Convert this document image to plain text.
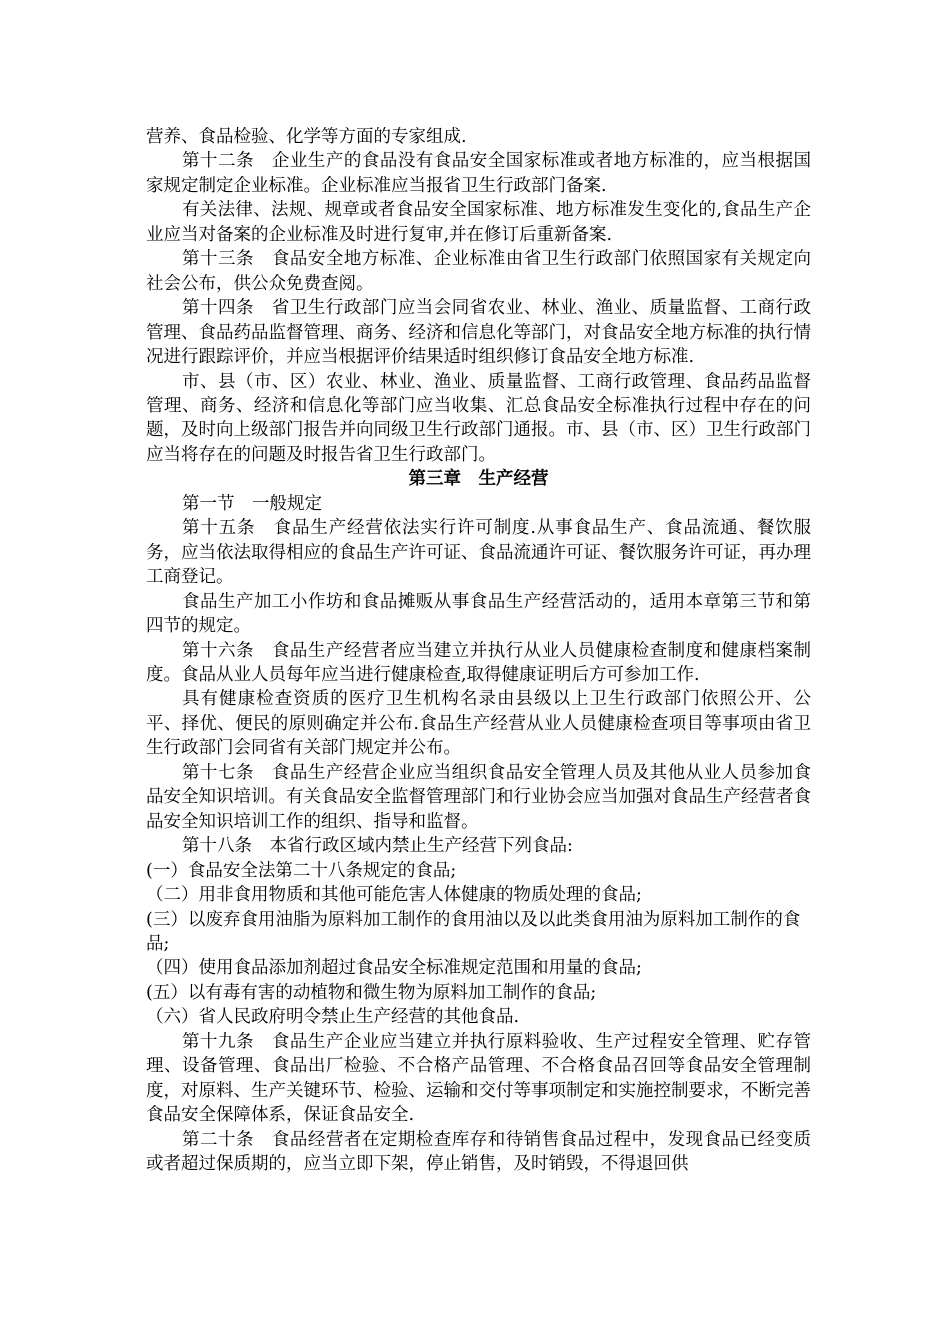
营养、食品检验、化学等方面的专家组成.

第十二条　企业生产的食品没有食品安全国家标准或者地方标准的，应当根据国家规定制定企业标准。企业标准应当报省卫生行政部门备案.

有关法律、法规、规章或者食品安全国家标准、地方标准发生变化的,食品生产企业应当对备案的企业标准及时进行复审,并在修订后重新备案.

第十三条　食品安全地方标准、企业标准由省卫生行政部门依照国家有关规定向社会公布，供公众免费查阅。

第十四条　省卫生行政部门应当会同省农业、林业、渔业、质量监督、工商行政管理、食品药品监督管理、商务、经济和信息化等部门，对食品安全地方标准的执行情况进行跟踪评价，并应当根据评价结果适时组织修订食品安全地方标准.

市、县（市、区）农业、林业、渔业、质量监督、工商行政管理、食品药品监督管理、商务、经济和信息化等部门应当收集、汇总食品安全标准执行过程中存在的问题，及时向上级部门报告并向同级卫生行政部门通报。市、县（市、区）卫生行政部门应当将存在的问题及时报告省卫生行政部门。

第三章　生产经营

第一节　一般规定

第十五条　食品生产经营依法实行许可制度.从事食品生产、食品流通、餐饮服务，应当依法取得相应的食品生产许可证、食品流通许可证、餐饮服务许可证，再办理工商登记。

食品生产加工小作坊和食品摊贩从事食品生产经营活动的，适用本章第三节和第四节的规定。

第十六条　食品生产经营者应当建立并执行从业人员健康检查制度和健康档案制度。食品从业人员每年应当进行健康检查,取得健康证明后方可参加工作.

具有健康检查资质的医疗卫生机构名录由县级以上卫生行政部门依照公开、公平、择优、便民的原则确定并公布.食品生产经营从业人员健康检查项目等事项由省卫生行政部门会同省有关部门规定并公布。

第十七条　食品生产经营企业应当组织食品安全管理人员及其他从业人员参加食品安全知识培训。有关食品安全监督管理部门和行业协会应当加强对食品生产经营者食品安全知识培训工作的组织、指导和监督。

第十八条　本省行政区域内禁止生产经营下列食品:

(一）食品安全法第二十八条规定的食品;

（二）用非食用物质和其他可能危害人体健康的物质处理的食品;

(三）以废弃食用油脂为原料加工制作的食用油以及以此类食用油为原料加工制作的食品;

（四）使用食品添加剂超过食品安全标准规定范围和用量的食品;

(五）以有毒有害的动植物和微生物为原料加工制作的食品;

（六）省人民政府明令禁止生产经营的其他食品.

第十九条　食品生产企业应当建立并执行原料验收、生产过程安全管理、贮存管理、设备管理、食品出厂检验、不合格产品管理、不合格食品召回等食品安全管理制度，对原料、生产关键环节、检验、运输和交付等事项制定和实施控制要求，不断完善食品安全保障体系，保证食品安全.

第二十条　食品经营者在定期检查库存和待销售食品过程中，发现食品已经变质或者超过保质期的，应当立即下架，停止销售，及时销毁，不得退回供
